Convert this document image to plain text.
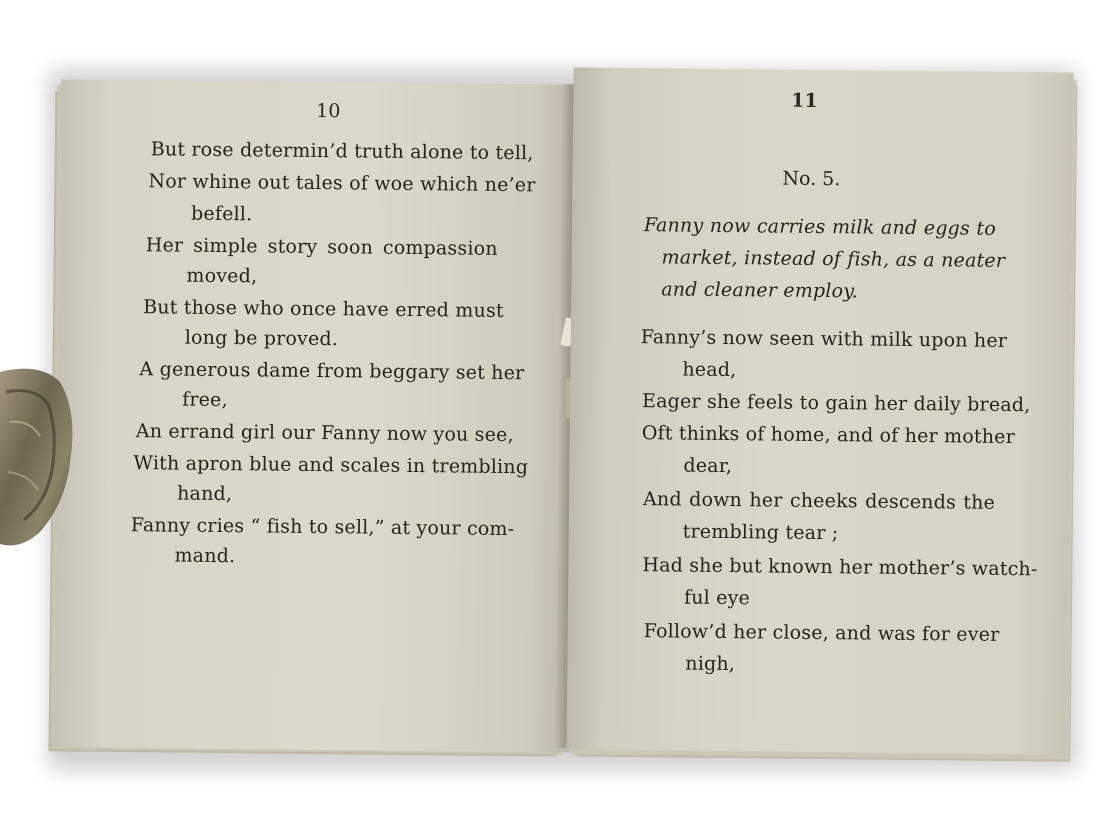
10
But rose determin’d truth alone to tell,
Nor whine out tales of woe which ne’er
befell.
Her simple story soon compassion
moved,
But those who once have erred must
long be proved.
A generous dame from beggary set her
free,
An errand girl our Fanny now you see,
With apron blue and scales in trembling
hand,
Fanny cries “ fish to sell,” at your com-
mand.
11
No. 5.
Fanny now carries milk and eggs to
market, instead of fish, as a neater
and cleaner employ.
Fanny’s now seen with milk upon her
head,
Eager she feels to gain her daily bread,
Oft thinks of home, and of her mother
dear,
And down her cheeks descends the
trembling tear ;
Had she but known her mother’s watch-
ful eye
Follow’d her close, and was for ever
nigh,
